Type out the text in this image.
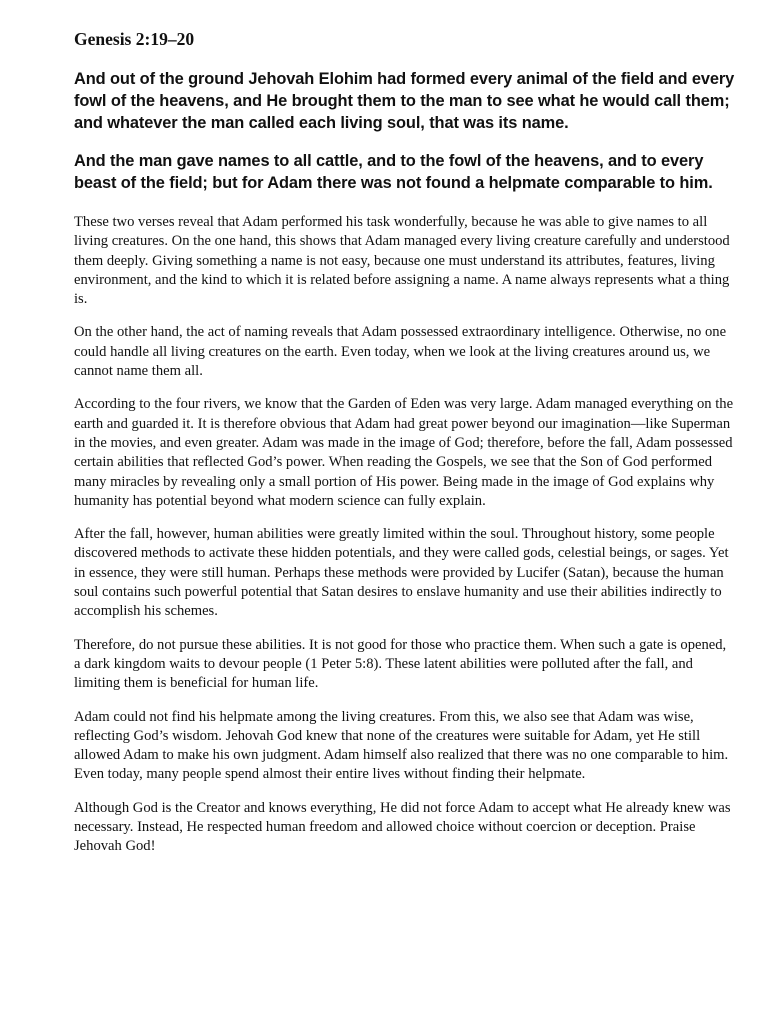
Genesis 2:19–20
And out of the ground Jehovah Elohim had formed every animal of the field and every fowl of the heavens, and He brought them to the man to see what he would call them; and whatever the man called each living soul, that was its name.
And the man gave names to all cattle, and to the fowl of the heavens, and to every beast of the field; but for Adam there was not found a helpmate comparable to him.

These two verses reveal that Adam performed his task wonderfully, because he was able to give names to all living creatures. On the one hand, this shows that Adam managed every living creature carefully and understood them deeply. Giving something a name is not easy, because one must understand its attributes, features, living environment, and the kind to which it is related before assigning a name. A name always represents what a thing is.

On the other hand, the act of naming reveals that Adam possessed extraordinary intelligence. Otherwise, no one could handle all living creatures on the earth. Even today, when we look at the living creatures around us, we cannot name them all.

According to the four rivers, we know that the Garden of Eden was very large. Adam managed everything on the earth and guarded it. It is therefore obvious that Adam had great power beyond our imagination—like Superman in the movies, and even greater. Adam was made in the image of God; therefore, before the fall, Adam possessed certain abilities that reflected God’s power. When reading the Gospels, we see that the Son of God performed many miracles by revealing only a small portion of His power. Being made in the image of God explains why humanity has potential beyond what modern science can fully explain.

After the fall, however, human abilities were greatly limited within the soul. Throughout history, some people discovered methods to activate these hidden potentials, and they were called gods, celestial beings, or sages. Yet in essence, they were still human. Perhaps these methods were provided by Lucifer (Satan), because the human soul contains such powerful potential that Satan desires to enslave humanity and use their abilities indirectly to accomplish his schemes.

Therefore, do not pursue these abilities. It is not good for those who practice them. When such a gate is opened, a dark kingdom waits to devour people (1 Peter 5:8). These latent abilities were polluted after the fall, and limiting them is beneficial for human life.

Adam could not find his helpmate among the living creatures. From this, we also see that Adam was wise, reflecting God’s wisdom. Jehovah God knew that none of the creatures were suitable for Adam, yet He still allowed Adam to make his own judgment. Adam himself also realized that there was no one comparable to him. Even today, many people spend almost their entire lives without finding their helpmate.

Although God is the Creator and knows everything, He did not force Adam to accept what He already knew was necessary. Instead, He respected human freedom and allowed choice without coercion or deception. Praise Jehovah God!
